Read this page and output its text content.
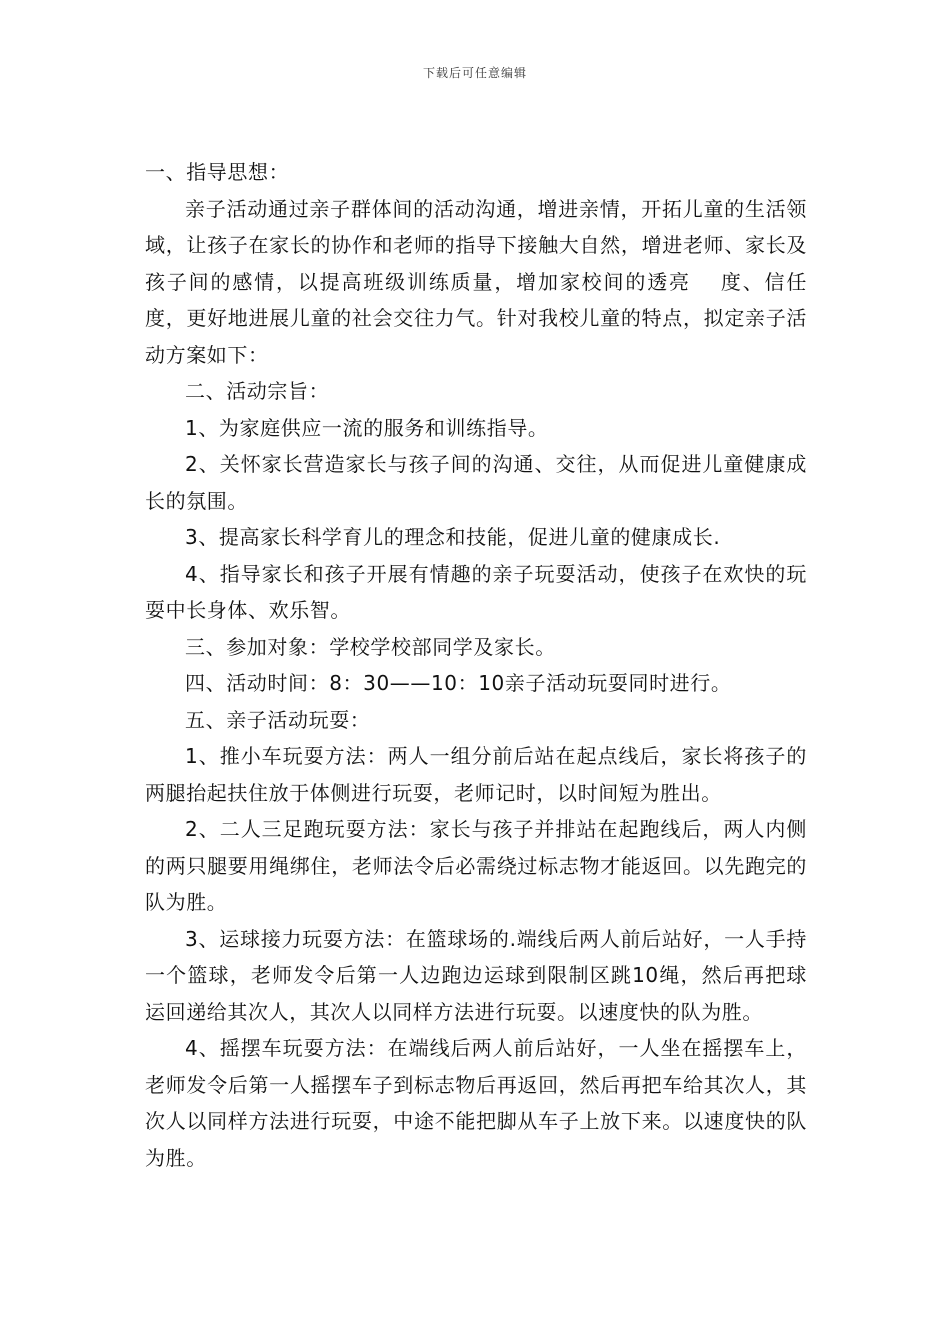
下载后可任意编辑

一、指导思想：

亲子活动通过亲子群体间的活动沟通，增进亲情，开拓儿童的生活领域，让孩子在家长的协作和老师的指导下接触大自然，增进老师、家长及孩子间的感情，以提高班级训练质量，增加家校间的透亮　 度、信任度，更好地进展儿童的社会交往力气。针对我校儿童的特点，拟定亲子活动方案如下：

二、活动宗旨：

1、为家庭供应一流的服务和训练指导。

2、关怀家长营造家长与孩子间的沟通、交往，从而促进儿童健康成长的氛围。

3、提高家长科学育儿的理念和技能，促进儿童的健康成长.

4、指导家长和孩子开展有情趣的亲子玩耍活动，使孩子在欢快的玩耍中长身体、欢乐智。

三、参加对象：学校学校部同学及家长。

四、活动时间：8：30——10：10亲子活动玩耍同时进行。

五、亲子活动玩耍：

1、推小车玩耍方法：两人一组分前后站在起点线后，家长将孩子的两腿抬起扶住放于体侧进行玩耍，老师记时，以时间短为胜出。

2、二人三足跑玩耍方法：家长与孩子并排站在起跑线后，两人内侧的两只腿要用绳绑住，老师法令后必需绕过标志物才能返回。以先跑完的队为胜。

3、运球接力玩耍方法：在篮球场的.端线后两人前后站好，一人手持一个篮球，老师发令后第一人边跑边运球到限制区跳10绳，然后再把球运回递给其次人，其次人以同样方法进行玩耍。以速度快的队为胜。

4、摇摆车玩耍方法：在端线后两人前后站好，一人坐在摇摆车上，老师发令后第一人摇摆车子到标志物后再返回，然后再把车给其次人，其次人以同样方法进行玩耍，中途不能把脚从车子上放下来。以速度快的队为胜。
